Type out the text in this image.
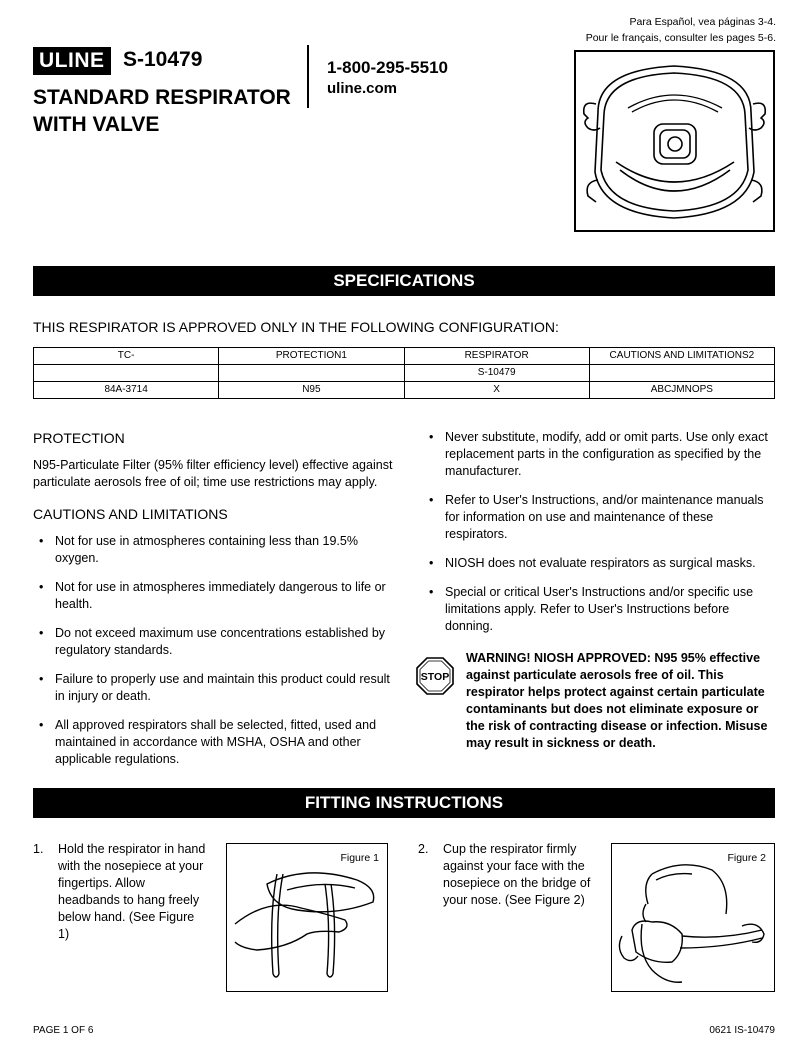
Para Español, vea páginas 3-4.
Pour le français, consulter les pages 5-6.
ULINE S-10479
STANDARD RESPIRATOR
WITH VALVE
1-800-295-5510
uline.com
SPECIFICATIONS
THIS RESPIRATOR IS APPROVED ONLY IN THE FOLLOWING CONFIGURATION:
TC-	PROTECTION1	RESPIRATOR	CAUTIONS AND LIMITATIONS2
		S-10479	
84A-3714	N95	X	ABCJMNOPS
PROTECTION

N95-Particulate Filter (95% filter efficiency level) effective against particulate aerosols free of oil; time use restrictions may apply.

CAUTIONS AND LIMITATIONS
• Not for use in atmospheres containing less than 19.5% oxygen.
• Not for use in atmospheres immediately dangerous to life or health.
• Do not exceed maximum use concentrations established by regulatory standards.
• Failure to properly use and maintain this product could result in injury or death.
• All approved respirators shall be selected, fitted, used and maintained in accordance with MSHA, OSHA and other applicable regulations.
• Never substitute, modify, add or omit parts. Use only exact replacement parts in the configuration as specified by the manufacturer.
• Refer to User's Instructions, and/or maintenance manuals for information on use and maintenance of these respirators.
• NIOSH does not evaluate respirators as surgical masks.
• Special or critical User's Instructions and/or specific use limitations apply. Refer to User's Instructions before donning.
STOP
WARNING! NIOSH APPROVED: N95 95% effective against particulate aerosols free of oil. This respirator helps protect against certain particulate contaminants but does not eliminate exposure or the risk of contracting disease or infection. Misuse may result in sickness or death.
FITTING INSTRUCTIONS
1. Hold the respirator in hand with the nosepiece at your fingertips. Allow headbands to hang freely below hand. (See Figure 1)
Figure 1
2. Cup the respirator firmly against your face with the nosepiece on the bridge of your nose. (See Figure 2)
Figure 2
PAGE 1 OF 6	0621 IS-10479
